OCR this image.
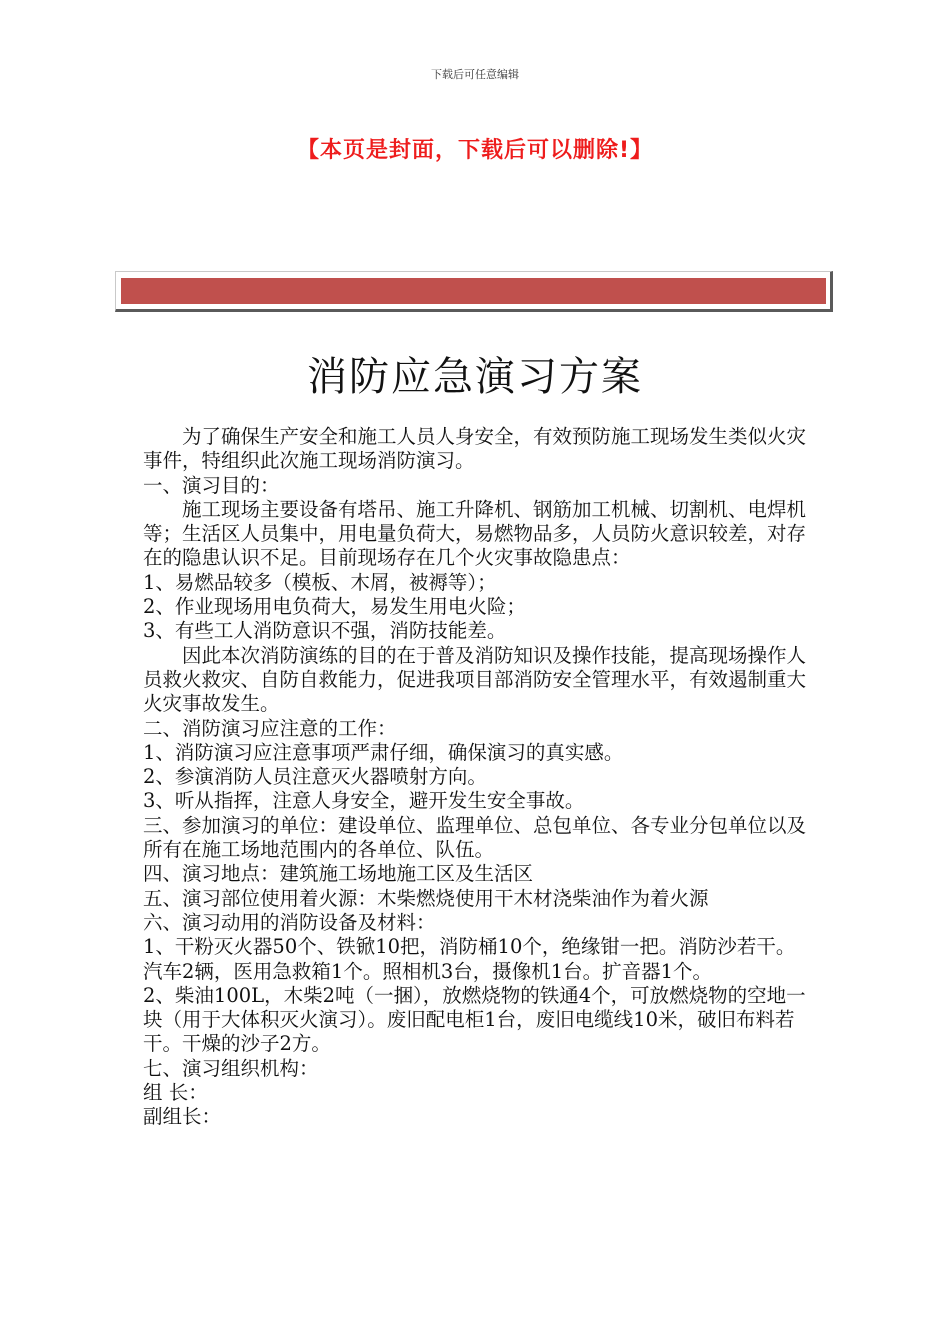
下载后可任意编辑
【本页是封面，下载后可以删除!】
消防应急演习方案

为了确保生产安全和施工人员人身安全，有效预防施工现场发生类似火灾事件，特组织此次施工现场消防演习。

一、演习目的：

施工现场主要设备有塔吊、施工升降机、钢筋加工机械、切割机、电焊机等；生活区人员集中，用电量负荷大，易燃物品多，人员防火意识较差，对存在的隐患认识不足。目前现场存在几个火灾事故隐患点：

1、易燃品较多（模板、木屑，被褥等）；

2、作业现场用电负荷大，易发生用电火险；

3、有些工人消防意识不强，消防技能差。

因此本次消防演练的目的在于普及消防知识及操作技能，提高现场操作人员救火救灾、自防自救能力，促进我项目部消防安全管理水平，有效遏制重大火灾事故发生。

二、消防演习应注意的工作：

1、消防演习应注意事项严肃仔细，确保演习的真实感。

2、参演消防人员注意灭火器喷射方向。

3、听从指挥，注意人身安全，避开发生安全事故。

三、参加演习的单位：建设单位、监理单位、总包单位、各专业分包单位以及所有在施工场地范围内的各单位、队伍。

四、演习地点：建筑施工场地施工区及生活区

五、演习部位使用着火源：木柴燃烧使用干木材浇柴油作为着火源

六、演习动用的消防设备及材料：

1、干粉灭火器50个、铁锨10把，消防桶10个，绝缘钳一把。消防沙若干。汽车2辆，医用急救箱1个。照相机3台，摄像机1台。扩音器1个。

2、柴油100L，木柴2吨（一捆），放燃烧物的铁通4个，可放燃烧物的空地一块（用于大体积灭火演习）。废旧配电柜1台，废旧电缆线10米，破旧布料若干。干燥的沙子2方。

七、演习组织机构：

组 长：

副组长：
